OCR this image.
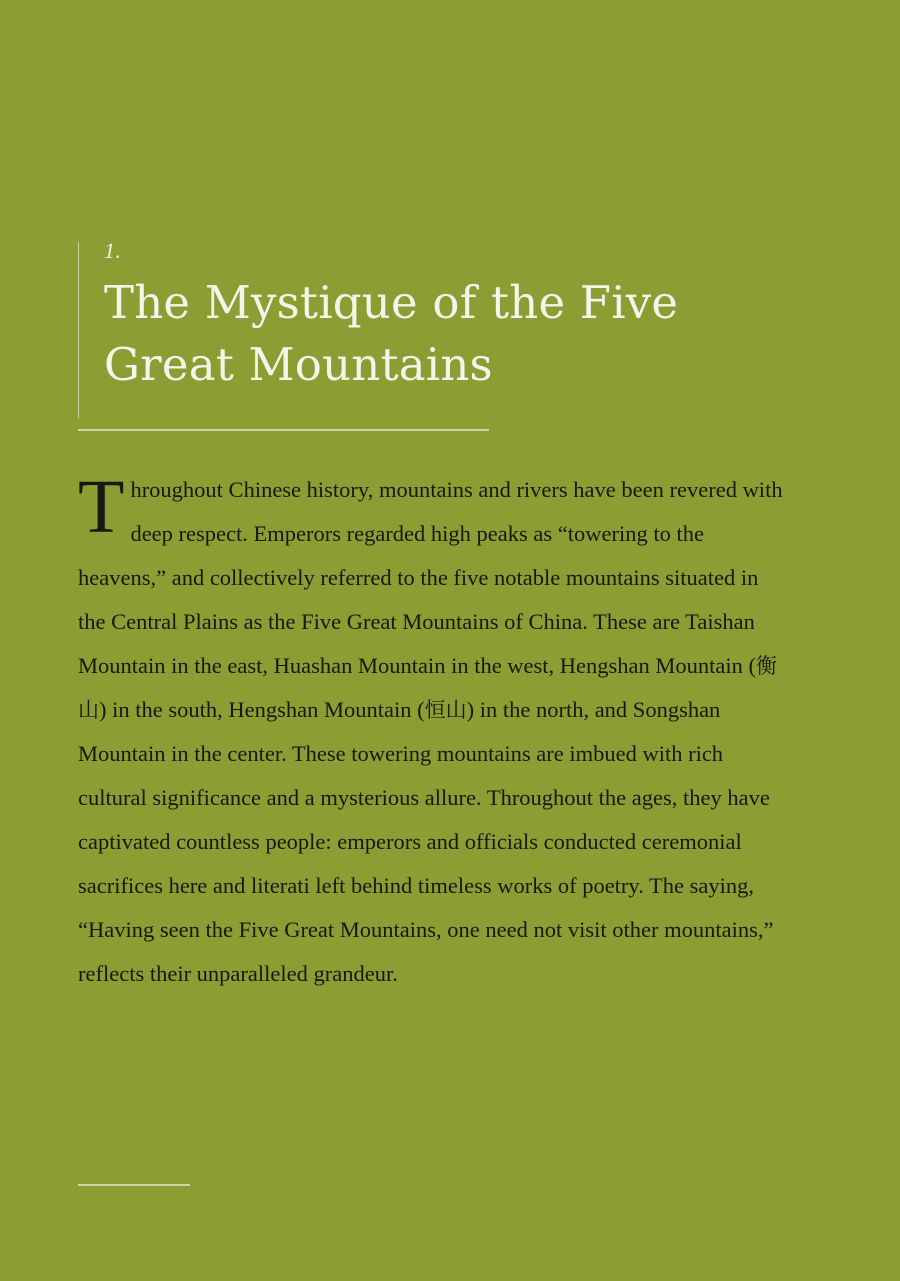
1.
The Mystique of the Five Great Mountains

Throughout Chinese history, mountains and rivers have been revered with deep respect. Emperors regarded high peaks as “towering to the heavens,” and collectively referred to the five notable mountains situated in the Central Plains as the Five Great Mountains of China. These are Taishan Mountain in the east, Huashan Mountain in the west, Hengshan Mountain (衡山) in the south, Hengshan Mountain (恒山) in the north, and Songshan Mountain in the center. These towering mountains are imbued with rich cultural significance and a mysterious allure. Throughout the ages, they have captivated countless people: emperors and officials conducted ceremonial sacrifices here and literati left behind timeless works of poetry. The saying, “Having seen the Five Great Mountains, one need not visit other mountains,” reflects their unparalleled grandeur.
